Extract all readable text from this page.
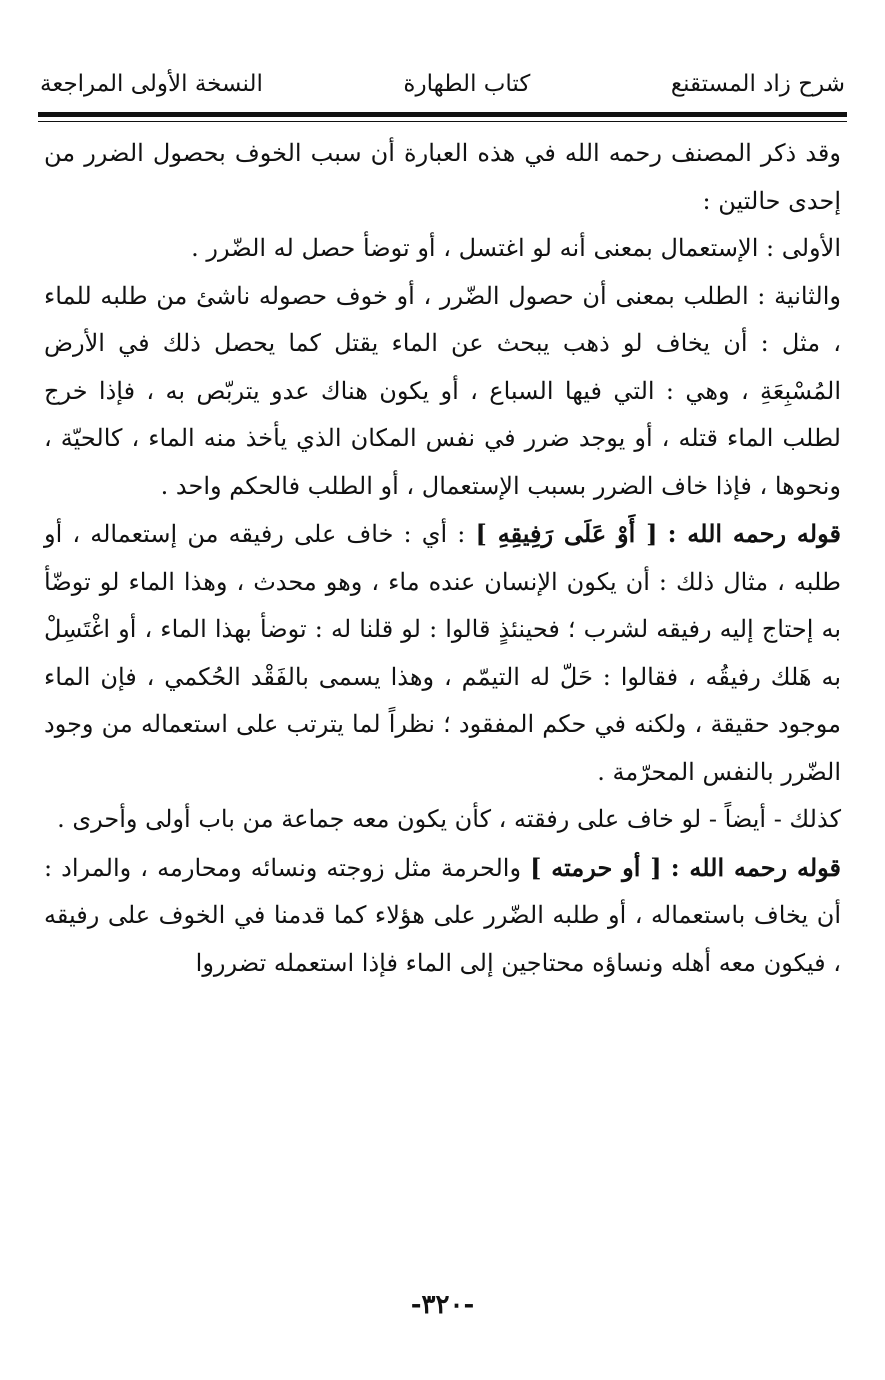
شرح زاد المستقنع
كتاب الطهارة
النسخة الأولى المراجعة

وقد ذكر المصنف رحمه الله في هذه العبارة أن سبب الخوف بحصول الضرر من إحدى حالتين :

الأولى : الإستعمال بمعنى أنه لو اغتسل ، أو توضأ حصل له الضّرر .

والثانية : الطلب بمعنى أن حصول الضّرر ، أو خوف حصوله ناشئ من طلبه للماء ، مثل : أن يخاف لو ذهب يبحث عن الماء يقتل كما يحصل ذلك في الأرض المُسْبِعَةِ ، وهي : التي فيها السباع ، أو يكون هناك عدو يتربّص به ، فإذا خرج لطلب الماء قتله ، أو يوجد ضرر في نفس المكان الذي يأخذ منه الماء ، كالحيّة ، ونحوها ، فإذا خاف الضرر بسبب الإستعمال ، أو الطلب فالحكم واحد .

قوله رحمه الله : [ أَوْ عَلَى رَفِيقِهِ ] : أي : خاف على رفيقه من إستعماله ، أو طلبه ، مثال ذلك : أن يكون الإنسان عنده ماء ، وهو محدث ، وهذا الماء لو توضّأ به إحتاج إليه رفيقه لشرب ؛ فحينئذٍ قالوا : لو قلنا له : توضأ بهذا الماء ، أو اغْتَسِلْ به هَلك رفيقُه ، فقالوا : حَلّ له التيمّم ، وهذا يسمى بالفَقْد الحُكمي ، فإن الماء موجود حقيقة ، ولكنه في حكم المفقود ؛ نظراً لما يترتب على استعماله من وجود الضّرر بالنفس المحرّمة .

كذلك - أيضاً - لو خاف على رفقته ، كأن يكون معه جماعة من باب أولى وأحرى .

قوله رحمه الله : [ أو حرمته ] والحرمة مثل زوجته ونسائه ومحارمه ، والمراد : أن يخاف باستعماله ، أو طلبه الضّرر على هؤلاء كما قدمنا في الخوف على رفيقه ، فيكون معه أهله ونساؤه محتاجين إلى الماء فإذا استعمله تضرروا

-٣٢٠-
